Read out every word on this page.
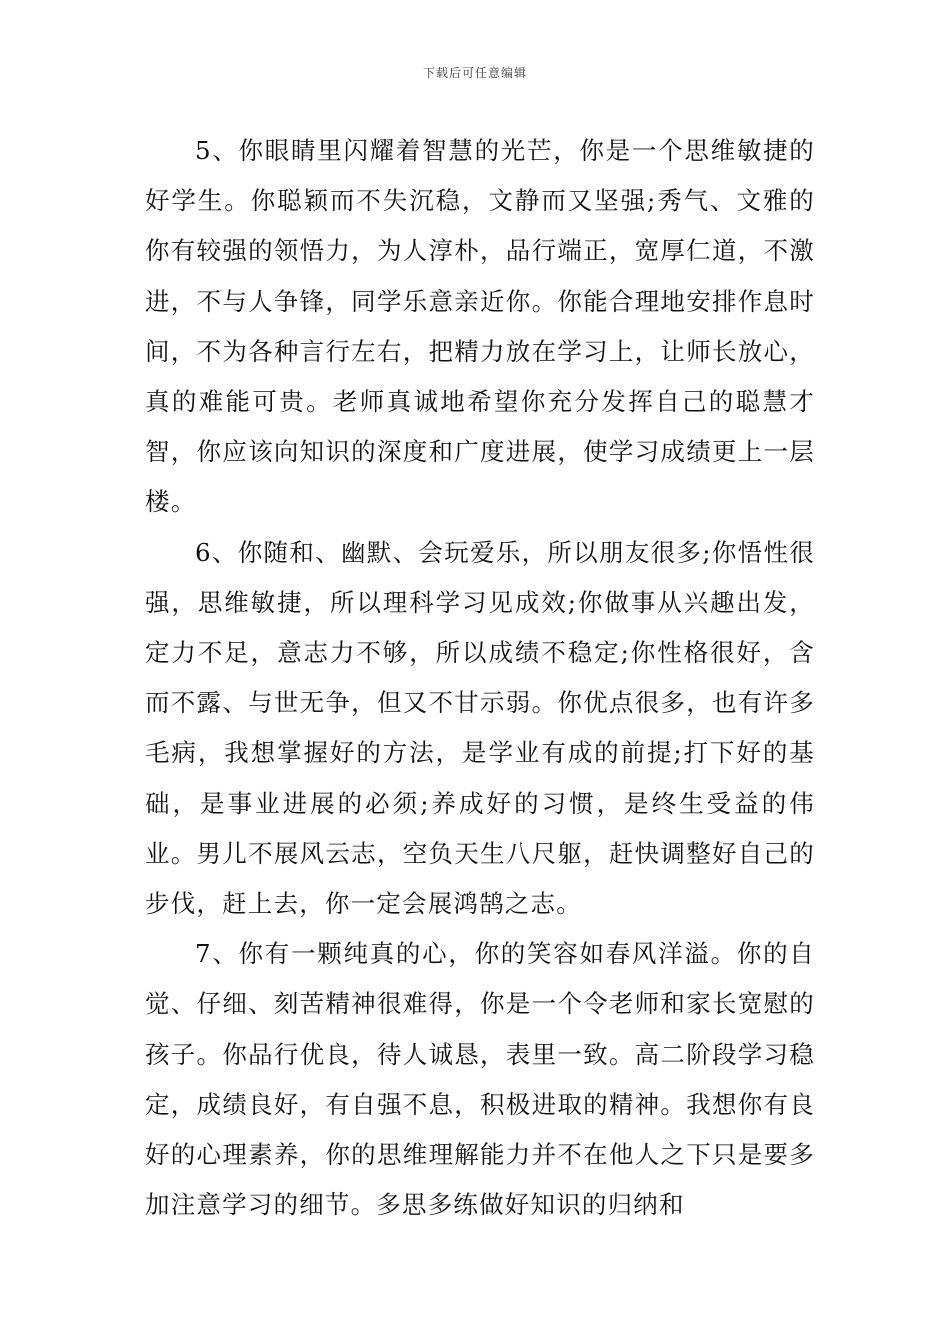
下载后可任意编辑

5、你眼睛里闪耀着智慧的光芒，你是一个思维敏捷的好学生。你聪颖而不失沉稳，文静而又坚强;秀气、文雅的你有较强的领悟力，为人淳朴，品行端正，宽厚仁道，不激进，不与人争锋，同学乐意亲近你。你能合理地安排作息时间，不为各种言行左右，把精力放在学习上，让师长放心，真的难能可贵。老师真诚地希望你充分发挥自己的聪慧才智，你应该向知识的深度和广度进展，使学习成绩更上一层楼。

6、你随和、幽默、会玩爱乐，所以朋友很多;你悟性很强，思维敏捷，所以理科学习见成效;你做事从兴趣出发，定力不足，意志力不够，所以成绩不稳定;你性格很好，含而不露、与世无争，但又不甘示弱。你优点很多，也有许多毛病，我想掌握好的方法，是学业有成的前提;打下好的基础，是事业进展的必须;养成好的习惯，是终生受益的伟业。男儿不展风云志，空负天生八尺躯，赶快调整好自己的步伐，赶上去，你一定会展鸿鹄之志。

7、你有一颗纯真的心，你的笑容如春风洋溢。你的自觉、仔细、刻苦精神很难得，你是一个令老师和家长宽慰的孩子。你品行优良，待人诚恳，表里一致。高二阶段学习稳定，成绩良好，有自强不息，积极进取的精神。我想你有良好的心理素养，你的思维理解能力并不在他人之下只是要多加注意学习的细节。多思多练做好知识的归纳和
